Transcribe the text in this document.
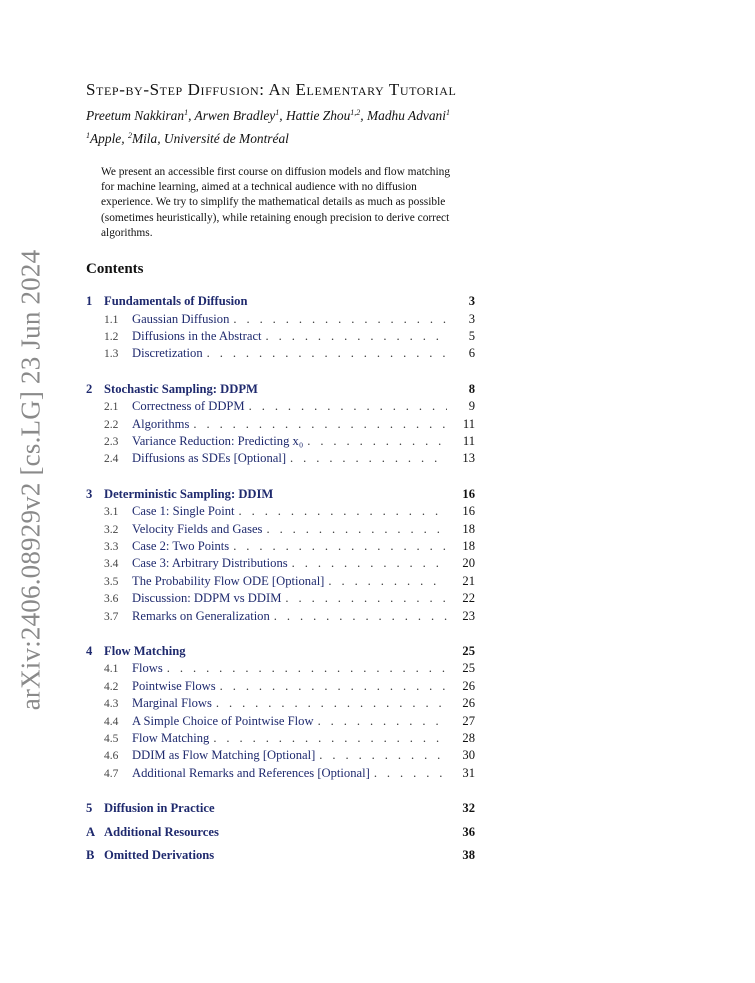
arXiv:2406.08929v2 [cs.LG] 23 Jun 2024
Step-by-Step Diffusion: An Elementary Tutorial
Preetum Nakkiran$^1$, Arwen Bradley$^1$, Hattie Zhou$^{1,2}$, Madhu Advani$^1$
$^1$Apple, $^2$Mila, Université de Montréal
We present an accessible first course on diffusion models and flow matching for machine learning, aimed at a technical audience with no diffusion experience. We try to simplify the mathematical details as much as possible (sometimes heuristically), while retaining enough precision to derive correct algorithms.
Contents
1 Fundamentals of Diffusion	3
1.1	Gaussian Diffusion . . .	3
1.2	Diffusions in the Abstract . . .	5
1.3	Discretization . . .	6
2 Stochastic Sampling: DDPM	8
2.1	Correctness of DDPM . . .	9
2.2	Algorithms . . .	11
2.3	Variance Reduction: Predicting x₀ . . .	11
2.4	Diffusions as SDEs [Optional] . . .	13
3 Deterministic Sampling: DDIM	16
3.1	Case 1: Single Point . . .	16
3.2	Velocity Fields and Gases . . .	18
3.3	Case 2: Two Points . . .	18
3.4	Case 3: Arbitrary Distributions . . .	20
3.5	The Probability Flow ODE [Optional] . . .	21
3.6	Discussion: DDPM vs DDIM . . .	22
3.7	Remarks on Generalization . . .	23
4 Flow Matching	25
4.1	Flows . . .	25
4.2	Pointwise Flows . . .	26
4.3	Marginal Flows . . .	26
4.4	A Simple Choice of Pointwise Flow . . .	27
4.5	Flow Matching . . .	28
4.6	DDIM as Flow Matching [Optional] . . .	30
4.7	Additional Remarks and References [Optional] . . .	31
5 Diffusion in Practice	32
A Additional Resources	36
B Omitted Derivations	38
